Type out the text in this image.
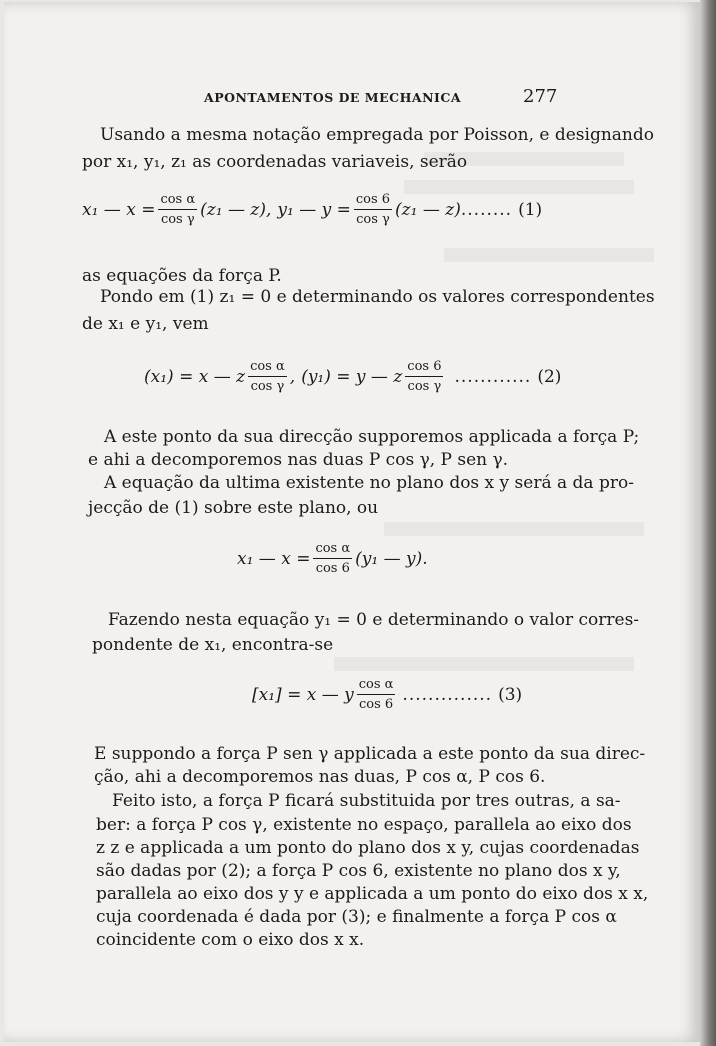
APONTAMENTOS DE MECHANICA	277
Usando a mesma notação empregada por Poisson, e designando
por x₁, y₁, z₁ as coordenadas variaveis, serão
x₁ — $x = \frac{\text{cos α}}{\text{cos γ}} (z_1$ — z), y₁ — $y = \frac{\cos 6}{\text{cos γ}} (z_1$ — z) ........ (1)
as equações da força P.
Pondo em (1) z₁ = 0 e determinando os valores correspondentes
de x₁ e y₁, vem
(x₁) = x — z $\frac{\text{cos α}}{\text{cos γ}}$ , (y₁) = y — z $\frac{\cos 6}{\text{cos γ}}$ ............ (2)
A este ponto da sua direcção supporemos applicada a força P;
e ahi a decomporemos nas duas P cos γ, P sen γ.
A equação da ultima existente no plano dos x y será a da pro-
jecção de (1) sobre este plano, ou
x₁ — $x = \frac{\text{cos α}}{\cos 6} (y_1$ — y).
Fazendo nesta equação y₁ = 0 e determinando o valor corres-
pondente de x₁, encontra-se
[x₁] = x — y $\frac{\text{cos α}}{\cos 6}$ .............. (3)
E suppondo a força P sen γ applicada a este ponto da sua direc-
ção, ahi a decomporemos nas duas, P cos α, P cos 6.
Feito isto, a força P ficará substituida por tres outras, a sa-
ber: a força P cos γ, existente no espaço, parallela ao eixo dos
z z e applicada a um ponto do plano dos x y, cujas coordenadas
são dadas por (2); a força P cos 6, existente no plano dos x y,
parallela ao eixo dos y y e applicada a um ponto do eixo dos x x,
cuja coordenada é dada por (3); e finalmente a força P cos α
coincidente com o eixo dos x x.
